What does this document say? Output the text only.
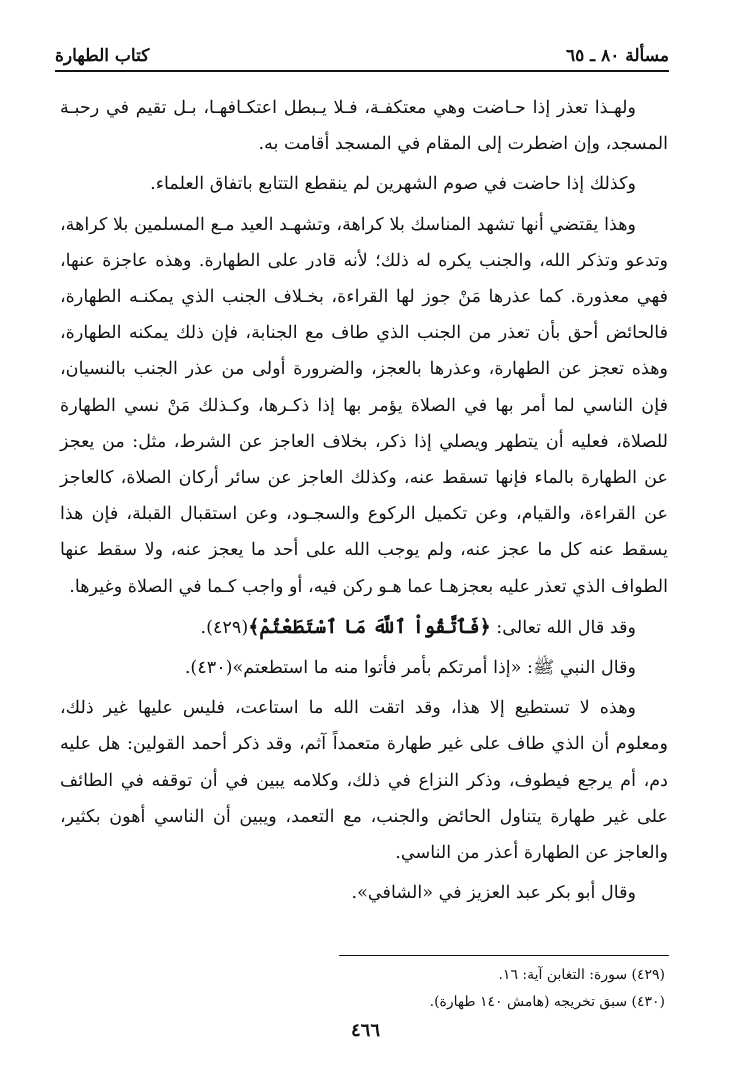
مسألة ٨٠ ـ ٦٥
كتاب الطهارة

ولهـذا تعذر إذا حـاضت وهي معتكفـة، فـلا يـبطل اعتكـافهـا، بـل تقيم في رحبـة المسجد، وإن اضطرت إلى المقام في المسجد أقامت به.

وكذلك إذا حاضت في صوم الشهرين لم ينقطع التتابع باتفاق العلماء.

وهذا يقتضي أنها تشهد المناسك بلا كراهة، وتشهـد العيد مـع المسلمين بلا كراهة، وتدعو وتذكر الله، والجنب يكره له ذلك؛ لأنه قادر على الطهارة. وهذه عاجزة عنها، فهي معذورة. كما عذرها مَنْ جوز لها القراءة، بخـلاف الجنب الذي يمكنـه الطهارة، فالحائض أحق بأن تعذر من الجنب الذي طاف مع الجنابة، فإن ذلك يمكنه الطهارة، وهذه تعجز عن الطهارة، وعذرها بالعجز، والضرورة أولى من عذر الجنب بالنسيان، فإن الناسي لما أمر بها في الصلاة يؤمر بها إذا ذكـرها، وكـذلك مَنْ نسي الطهارة للصلاة، فعليه أن يتطهر ويصلي إذا ذكر، بخلاف العاجز عن الشرط، مثل: من يعجز عن الطهارة بالماء فإنها تسقط عنه، وكذلك العاجز عن سائر أركان الصلاة، كالعاجز عن القراءة، والقيام، وعن تكميل الركوع والسجـود، وعن استقبال القبلة، فإن هذا يسقط عنه كل ما عجز عنه، ولم يوجب الله على أحد ما يعجز عنه، ولا سقط عنها الطواف الذي تعذر عليه بعجزهـا عما هـو ركن فيه، أو واجب كـما في الصلاة وغيرها.

وقد قال الله تعالى: ﴿فَٱتَّقُواْ ٱللَّهَ مَا ٱسْتَطَعْتُمْ﴾(٤٢٩).

وقال النبي ﷺ: «إذا أمرتكم بأمر فأتوا منه ما استطعتم»(٤٣٠).

وهذه لا تستطيع إلا هذا، وقد اتقت الله ما استاعت، فليس عليها غير ذلك، ومعلوم أن الذي طاف على غير طهارة متعمداً آثم، وقد ذكر أحمد القولين: هل عليه دم، أم يرجع فيطوف، وذكر النزاع في ذلك، وكلامه يبين في أن توقفه في الطائف على غير طهارة يتناول الحائض والجنب، مع التعمد، ويبين أن الناسي أهون بكثير، والعاجز عن الطهارة أعذر من الناسي.

وقال أبو بكر عبد العزيز في «الشافي».

(٤٢٩) سورة: التغابن آية: ١٦.

(٤٣٠) سبق تخريجه (هامش ١٤٠ طهارة).

٤٦٦
